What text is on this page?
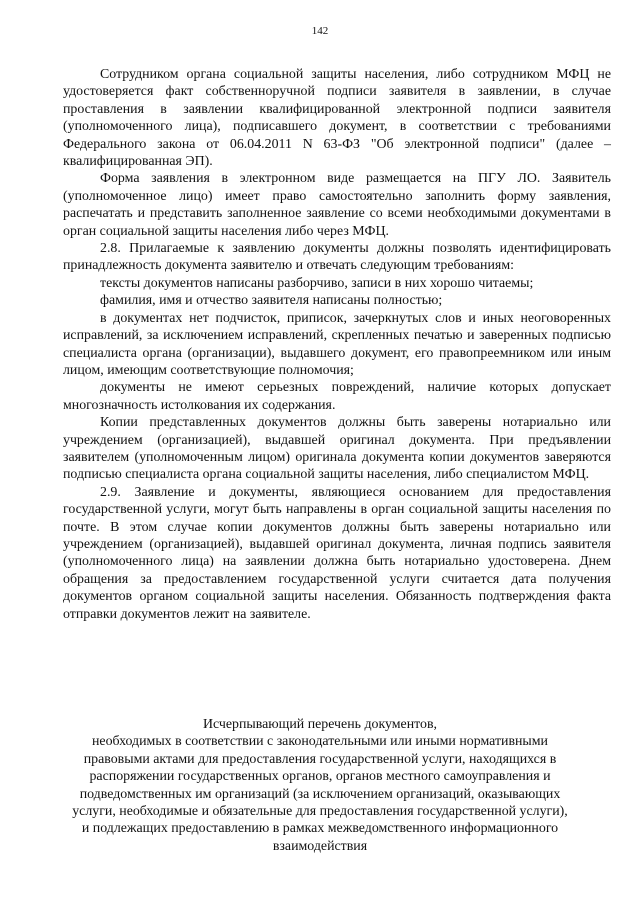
142

Сотрудником органа социальной защиты населения, либо сотрудником МФЦ не удостоверяется факт собственноручной подписи заявителя в заявлении, в случае проставления в заявлении квалифицированной электронной подписи заявителя (уполномоченного лица), подписавшего документ, в соответствии с требованиями Федерального закона от 06.04.2011 N 63-ФЗ "Об электронной подписи" (далее – квалифицированная ЭП).

Форма заявления в электронном виде размещается на ПГУ ЛО. Заявитель (уполномоченное лицо) имеет право самостоятельно заполнить форму заявления, распечатать и представить заполненное заявление со всеми необходимыми документами в орган социальной защиты населения либо через МФЦ.

2.8. Прилагаемые к заявлению документы должны позволять идентифицировать принадлежность документа заявителю и отвечать следующим требованиям:

тексты документов написаны разборчиво, записи в них хорошо читаемы;

фамилия, имя и отчество заявителя написаны полностью;

в документах нет подчисток, приписок, зачеркнутых слов и иных неоговоренных исправлений, за исключением исправлений, скрепленных печатью и заверенных подписью специалиста органа (организации), выдавшего документ, его правопреемником или иным лицом, имеющим соответствующие полномочия;

документы не имеют серьезных повреждений, наличие которых допускает многозначность истолкования их содержания.

Копии представленных документов должны быть заверены нотариально или учреждением (организацией), выдавшей оригинал документа. При предъявлении заявителем (уполномоченным лицом) оригинала документа копии документов заверяются подписью специалиста органа социальной защиты населения, либо специалистом МФЦ.

2.9. Заявление и документы, являющиеся основанием для предоставления государственной услуги, могут быть направлены в орган социальной защиты населения по почте. В этом случае копии документов должны быть заверены нотариально или учреждением (организацией), выдавшей оригинал документа, личная подпись заявителя (уполномоченного лица) на заявлении должна быть нотариально удостоверена. Днем обращения за предоставлением государственной услуги считается дата получения документов органом социальной защиты населения. Обязанность подтверждения факта отправки документов лежит на заявителе.

Исчерпывающий перечень документов,
необходимых в соответствии с законодательными или иными нормативными
правовыми актами для предоставления государственной услуги, находящихся в
распоряжении государственных органов, органов местного самоуправления и
подведомственных им организаций (за исключением организаций, оказывающих
услуги, необходимые и обязательные для предоставления государственной услуги),
и подлежащих предоставлению в рамках межведомственного информационного
взаимодействия
